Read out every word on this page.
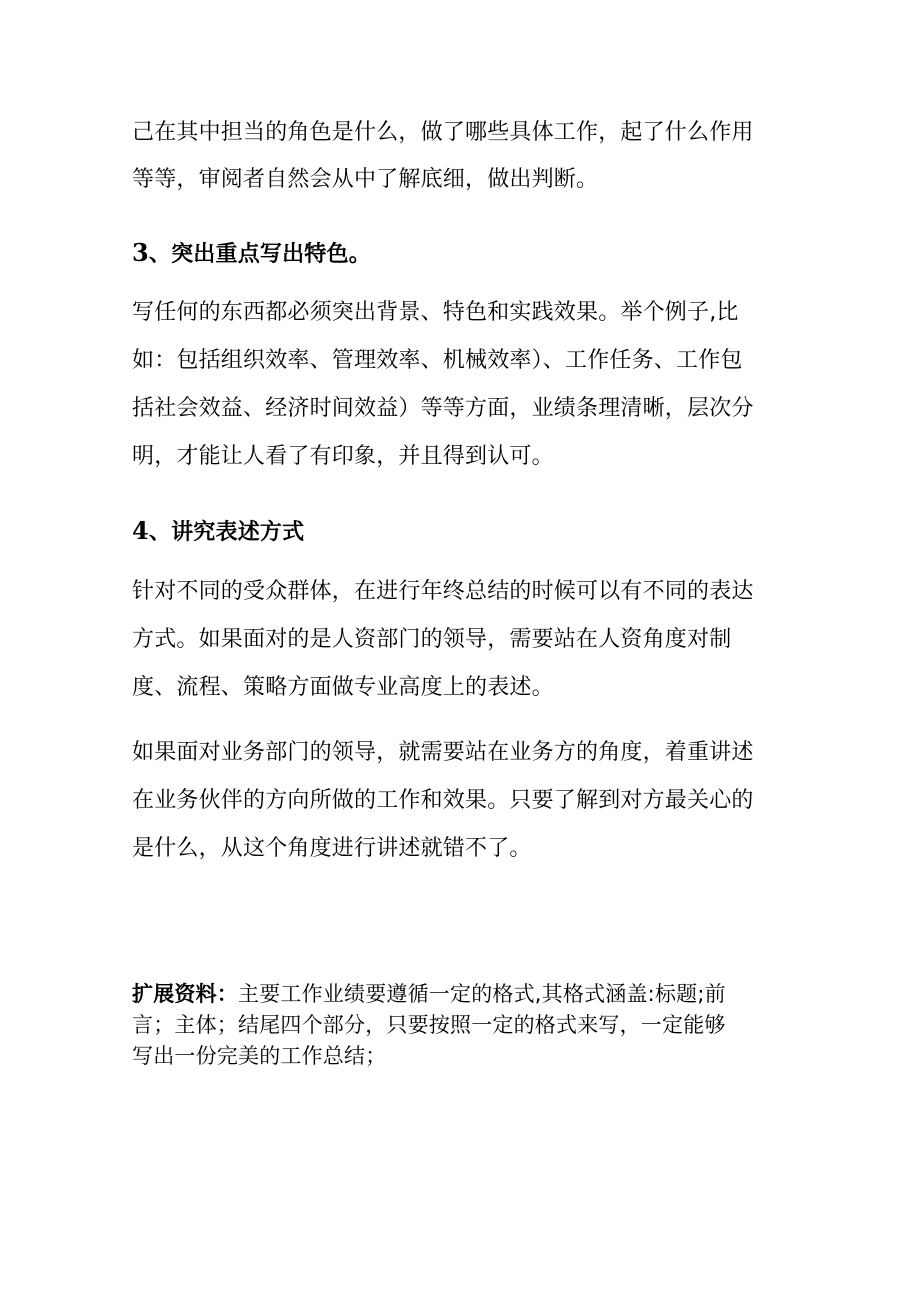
己在其中担当的角色是什么，做了哪些具体工作，起了什么作用
等等，审阅者自然会从中了解底细，做出判断。
3、突出重点写出特色。
写任何的东西都必须突出背景、特色和实践效果。举个例子,比
如：包括组织效率、管理效率、机械效率）、工作任务、工作包
括社会效益、经济时间效益）等等方面，业绩条理清晰，层次分
明，才能让人看了有印象，并且得到认可。
4、讲究表述方式
针对不同的受众群体，在进行年终总结的时候可以有不同的表达
方式。如果面对的是人资部门的领导，需要站在人资角度对制
度、流程、策略方面做专业高度上的表述。
如果面对业务部门的领导，就需要站在业务方的角度，着重讲述
在业务伙伴的方向所做的工作和效果。只要了解到对方最关心的
是什么，从这个角度进行讲述就错不了。
扩展资料：主要工作业绩要遵循一定的格式,其格式涵盖:标题;前
言；主体；结尾四个部分，只要按照一定的格式来写，一定能够
写出一份完美的工作总结；
